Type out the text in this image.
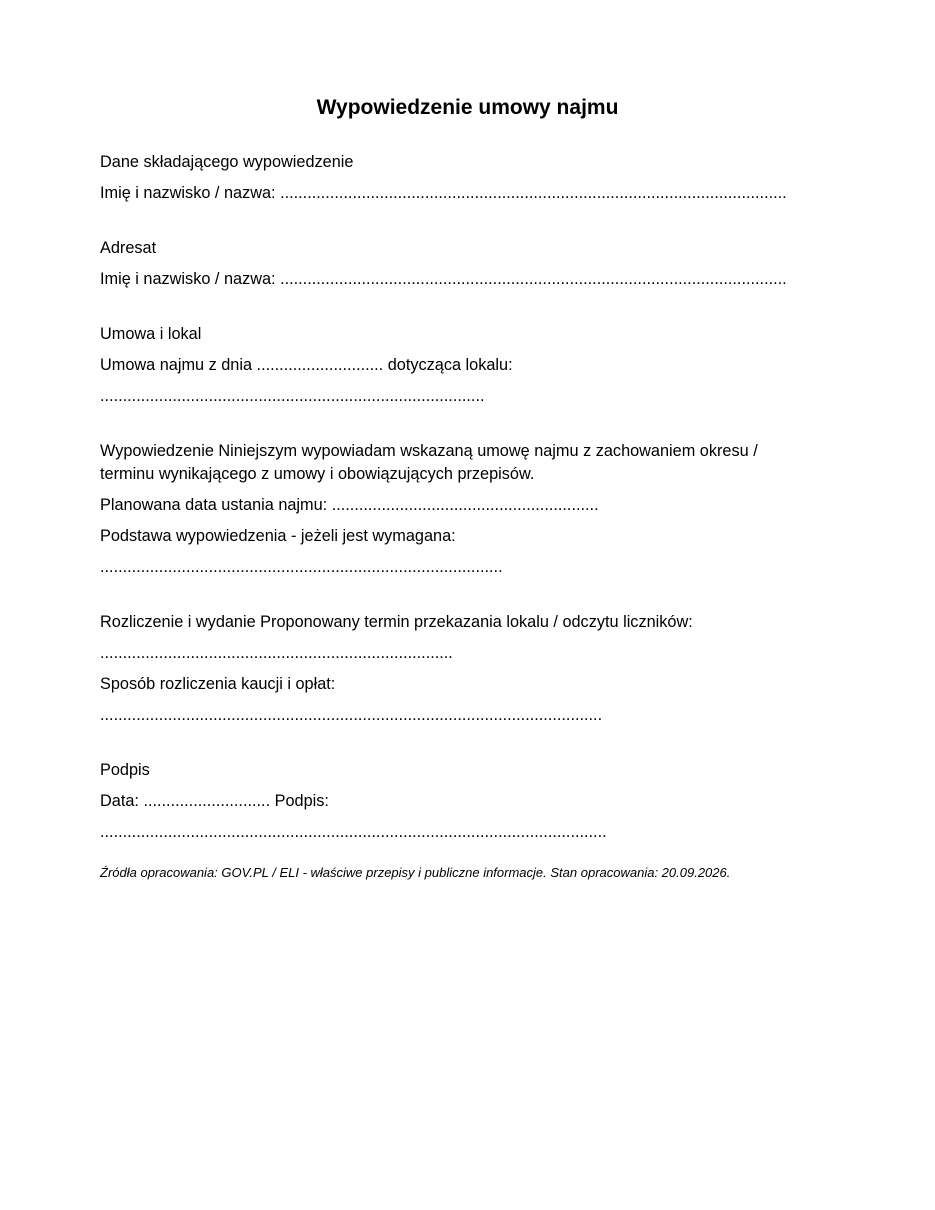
Wypowiedzenie umowy najmu

Dane składającego wypowiedzenie

Imię i nazwisko / nazwa: ................................................................................................................

Adresat

Imię i nazwisko / nazwa: ................................................................................................................

Umowa i lokal

Umowa najmu z dnia ............................ dotycząca lokalu:

.....................................................................................

Wypowiedzenie Niniejszym wypowiadam wskazaną umowę najmu z zachowaniem okresu / terminu wynikającego z umowy i obowiązujących przepisów.

Planowana data ustania najmu: ...........................................................

Podstawa wypowiedzenia - jeżeli jest wymagana:

.........................................................................................

Rozliczenie i wydanie Proponowany termin przekazania lokalu / odczytu liczników:

..............................................................................

Sposób rozliczenia kaucji i opłat:

...............................................................................................................

Podpis

Data: ............................ Podpis:

................................................................................................................

Źródła opracowania: GOV.PL / ELI - właściwe przepisy i publiczne informacje. Stan opracowania: 20.09.2026.
